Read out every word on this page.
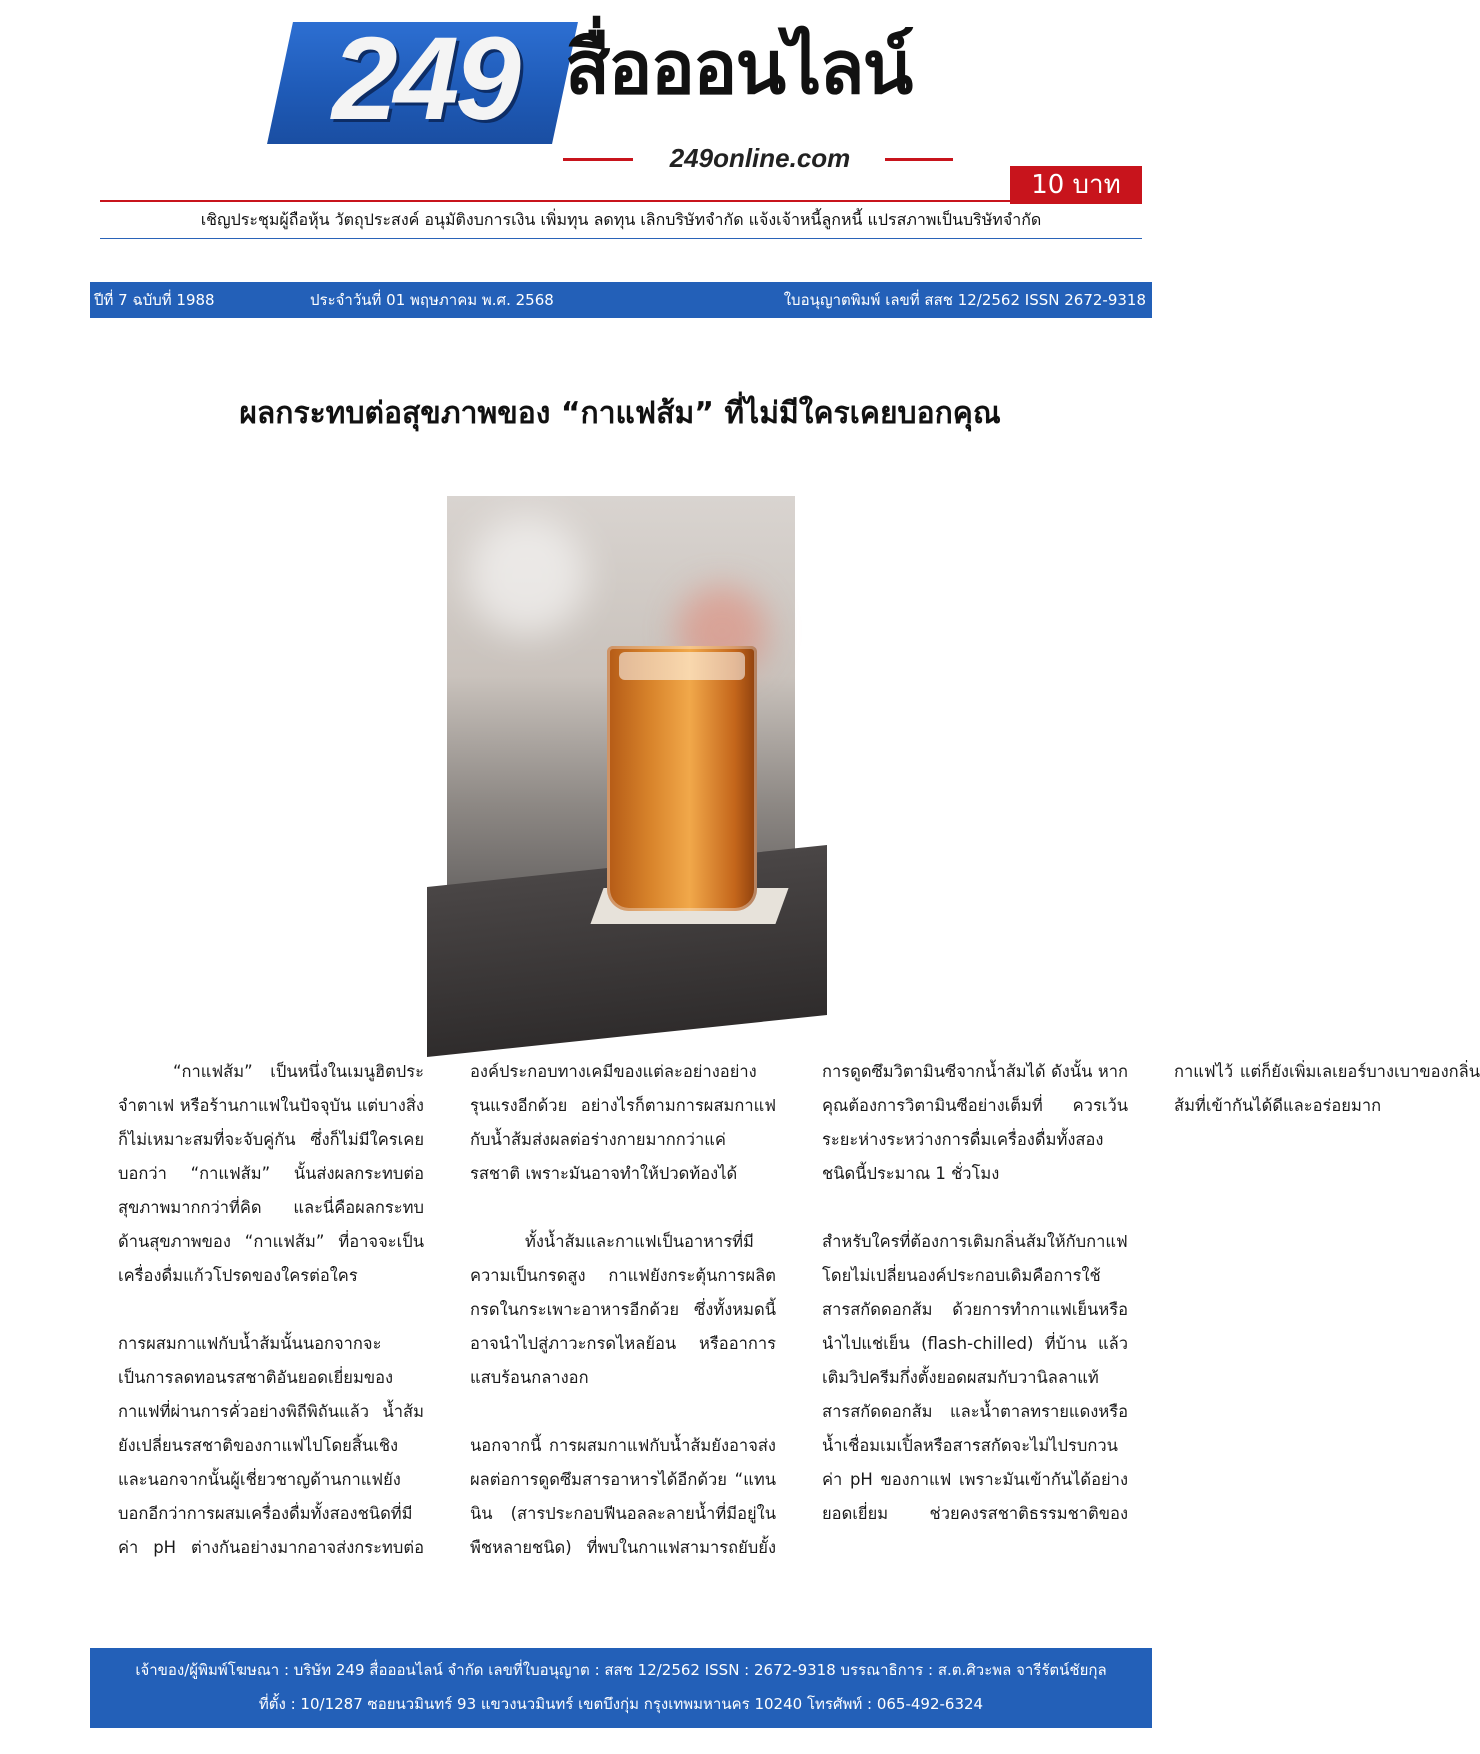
249 สื่อออนไลน์
249online.com
10 บาท
เชิญประชุมผู้ถือหุ้น วัตถุประสงค์ อนุมัติงบการเงิน เพิ่มทุน ลดทุน เลิกบริษัทจำกัด แจ้งเจ้าหนี้ลูกหนี้ แปรสภาพเป็นบริษัทจำกัด
ปีที่ 7 ฉบับที่ 1988	ประจำวันที่ 01 พฤษภาคม พ.ศ. 2568	ใบอนุญาตพิมพ์ เลขที่ สสช 12/2562 ISSN 2672-9318
ผลกระทบต่อสุขภาพของ “กาแฟส้ม” ที่ไม่มีใครเคยบอกคุณ

“กาแฟส้ม” เป็นหนึ่งในเมนูฮิตประจำตาเฟ หรือร้านกาแฟในปัจจุบัน แต่บางสิ่งก็ไม่เหมาะสมที่จะจับคู่กัน ซึ่งก็ไม่มีใครเคยบอกว่า “กาแฟส้ม” นั้นส่งผลกระทบต่อสุขภาพมากกว่าที่คิด และนี่คือผลกระทบด้านสุขภาพของ “กาแฟส้ม” ที่อาจจะเป็นเครื่องดื่มแก้วโปรดของใครต่อใคร

การผสมกาแฟกับน้ำส้มนั้นนอกจากจะเป็นการลดทอนรสชาติอันยอดเยี่ยมของกาแฟที่ผ่านการคั่วอย่างพิถีพิถันแล้ว น้ำส้มยังเปลี่ยนรสชาติของกาแฟไปโดยสิ้นเชิง และนอกจากนั้นผู้เชี่ยวชาญด้านกาแฟยังบอกอีกว่าการผสมเครื่องดื่มทั้งสองชนิดที่มีค่า pH ต่างกันอย่างมากอาจส่งกระทบต่อองค์ประกอบทางเคมีของแต่ละอย่างอย่างรุนแรงอีกด้วย อย่างไรก็ตามการผสมกาแฟกับน้ำส้มส่งผลต่อร่างกายมากกว่าแค่รสชาติ เพราะมันอาจทำให้ปวดท้องได้

ทั้งน้ำส้มและกาแฟเป็นอาหารที่มีความเป็นกรดสูง กาแฟยังกระตุ้นการผลิตกรดในกระเพาะอาหารอีกด้วย ซึ่งทั้งหมดนี้อาจนำไปสู่ภาวะกรดไหลย้อน หรืออาการแสบร้อนกลางอก

นอกจากนี้ การผสมกาแฟกับน้ำส้มยังอาจส่งผลต่อการดูดซึมสารอาหารได้อีกด้วย “แทนนิน (สารประกอบฟีนอลละลายน้ำที่มีอยู่ในพืชหลายชนิด) ที่พบในกาแฟสามารถยับยั้งการดูดซึมวิตามินซีจากน้ำส้มได้ ดังนั้น หากคุณต้องการวิตามินซีอย่างเต็มที่ ควรเว้นระยะห่างระหว่างการดื่มเครื่องดื่มทั้งสองชนิดนี้ประมาณ 1 ชั่วโมง

สำหรับใครที่ต้องการเติมกลิ่นส้มให้กับกาแฟโดยไม่เปลี่ยนองค์ประกอบเดิมคือการใช้สารสกัดดอกส้ม ด้วยการทำกาแฟเย็นหรือนำไปแช่เย็น (flash-chilled) ที่บ้าน แล้วเติมวิปครีมกึ่งตั้งยอดผสมกับวานิลลาแท้ สารสกัดดอกส้ม และน้ำตาลทรายแดงหรือน้ำเชื่อมเมเปิ้ลหรือสารสกัดจะไม่ไปรบกวนค่า pH ของกาแฟ เพราะมันเข้ากันได้อย่างยอดเยี่ยม ช่วยคงรสชาติธรรมชาติของกาแฟไว้ แต่ก็ยังเพิ่มเลเยอร์บางเบาของกลิ่นส้มที่เข้ากันได้ดีและอร่อยมาก

เจ้าของ/ผู้พิมพ์โฆษณา : บริษัท 249 สื่อออนไลน์ จำกัด เลขที่ใบอนุญาต : สสช 12/2562 ISSN : 2672-9318 บรรณาธิการ : ส.ต.ศิวะพล จารีรัตน์ชัยกุล
ที่ตั้ง : 10/1287 ซอยนวมินทร์ 93 แขวงนวมินทร์ เขตบึงกุ่ม กรุงเทพมหานคร 10240 โทรศัพท์ : 065-492-6324
